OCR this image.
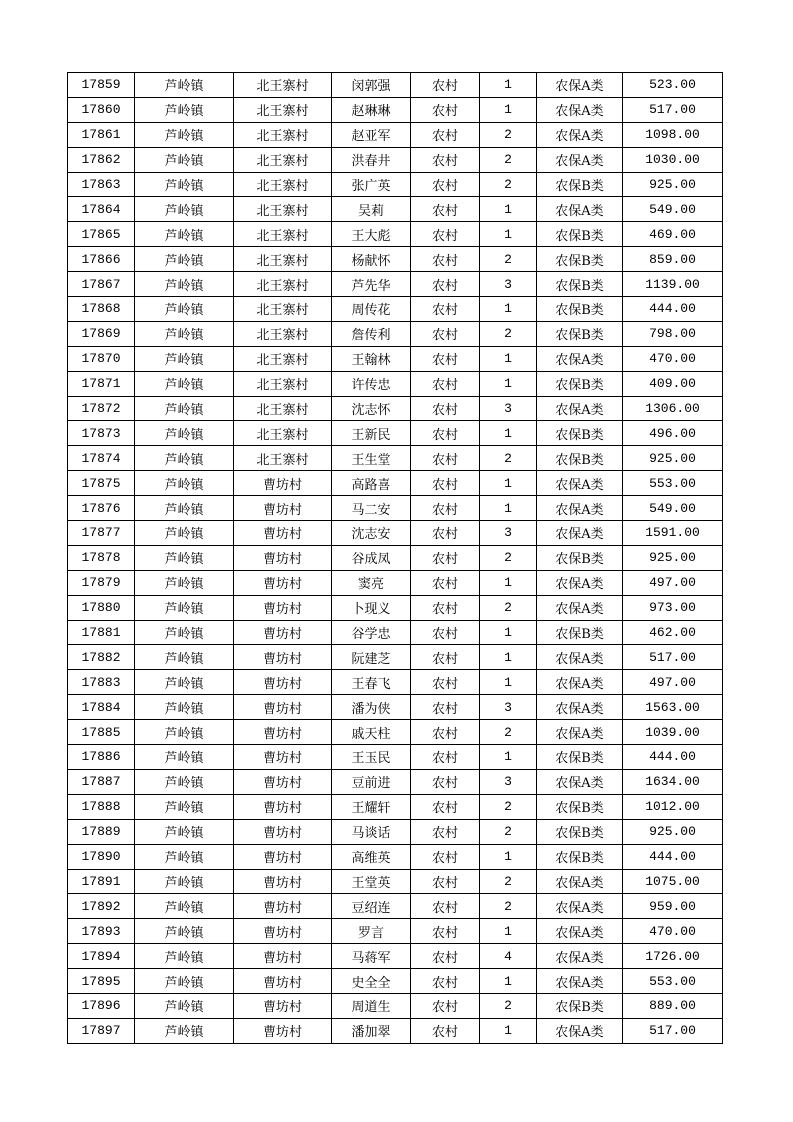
17859	芦岭镇	北王寨村	闵郭强	农村	1	农保A类	523.00
17860	芦岭镇	北王寨村	赵琳琳	农村	1	农保A类	517.00
17861	芦岭镇	北王寨村	赵亚军	农村	2	农保A类	1098.00
17862	芦岭镇	北王寨村	洪春井	农村	2	农保A类	1030.00
17863	芦岭镇	北王寨村	张广英	农村	2	农保B类	925.00
17864	芦岭镇	北王寨村	吴莉	农村	1	农保A类	549.00
17865	芦岭镇	北王寨村	王大彪	农村	1	农保B类	469.00
17866	芦岭镇	北王寨村	杨献怀	农村	2	农保B类	859.00
17867	芦岭镇	北王寨村	芦先华	农村	3	农保B类	1139.00
17868	芦岭镇	北王寨村	周传花	农村	1	农保B类	444.00
17869	芦岭镇	北王寨村	詹传利	农村	2	农保B类	798.00
17870	芦岭镇	北王寨村	王翰林	农村	1	农保A类	470.00
17871	芦岭镇	北王寨村	许传忠	农村	1	农保B类	409.00
17872	芦岭镇	北王寨村	沈志怀	农村	3	农保A类	1306.00
17873	芦岭镇	北王寨村	王新民	农村	1	农保B类	496.00
17874	芦岭镇	北王寨村	王生堂	农村	2	农保B类	925.00
17875	芦岭镇	曹坊村	高路喜	农村	1	农保A类	553.00
17876	芦岭镇	曹坊村	马二安	农村	1	农保A类	549.00
17877	芦岭镇	曹坊村	沈志安	农村	3	农保A类	1591.00
17878	芦岭镇	曹坊村	谷成凤	农村	2	农保B类	925.00
17879	芦岭镇	曹坊村	窦亮	农村	1	农保A类	497.00
17880	芦岭镇	曹坊村	卜现义	农村	2	农保A类	973.00
17881	芦岭镇	曹坊村	谷学忠	农村	1	农保B类	462.00
17882	芦岭镇	曹坊村	阮建芝	农村	1	农保A类	517.00
17883	芦岭镇	曹坊村	王春飞	农村	1	农保A类	497.00
17884	芦岭镇	曹坊村	潘为侠	农村	3	农保A类	1563.00
17885	芦岭镇	曹坊村	戚天柱	农村	2	农保A类	1039.00
17886	芦岭镇	曹坊村	王玉民	农村	1	农保B类	444.00
17887	芦岭镇	曹坊村	豆前进	农村	3	农保A类	1634.00
17888	芦岭镇	曹坊村	王耀轩	农村	2	农保B类	1012.00
17889	芦岭镇	曹坊村	马谈话	农村	2	农保B类	925.00
17890	芦岭镇	曹坊村	高维英	农村	1	农保B类	444.00
17891	芦岭镇	曹坊村	王堂英	农村	2	农保A类	1075.00
17892	芦岭镇	曹坊村	豆绍连	农村	2	农保A类	959.00
17893	芦岭镇	曹坊村	罗言	农村	1	农保A类	470.00
17894	芦岭镇	曹坊村	马蒋军	农村	4	农保A类	1726.00
17895	芦岭镇	曹坊村	史全全	农村	1	农保A类	553.00
17896	芦岭镇	曹坊村	周道生	农村	2	农保B类	889.00
17897	芦岭镇	曹坊村	潘加翠	农村	1	农保A类	517.00
